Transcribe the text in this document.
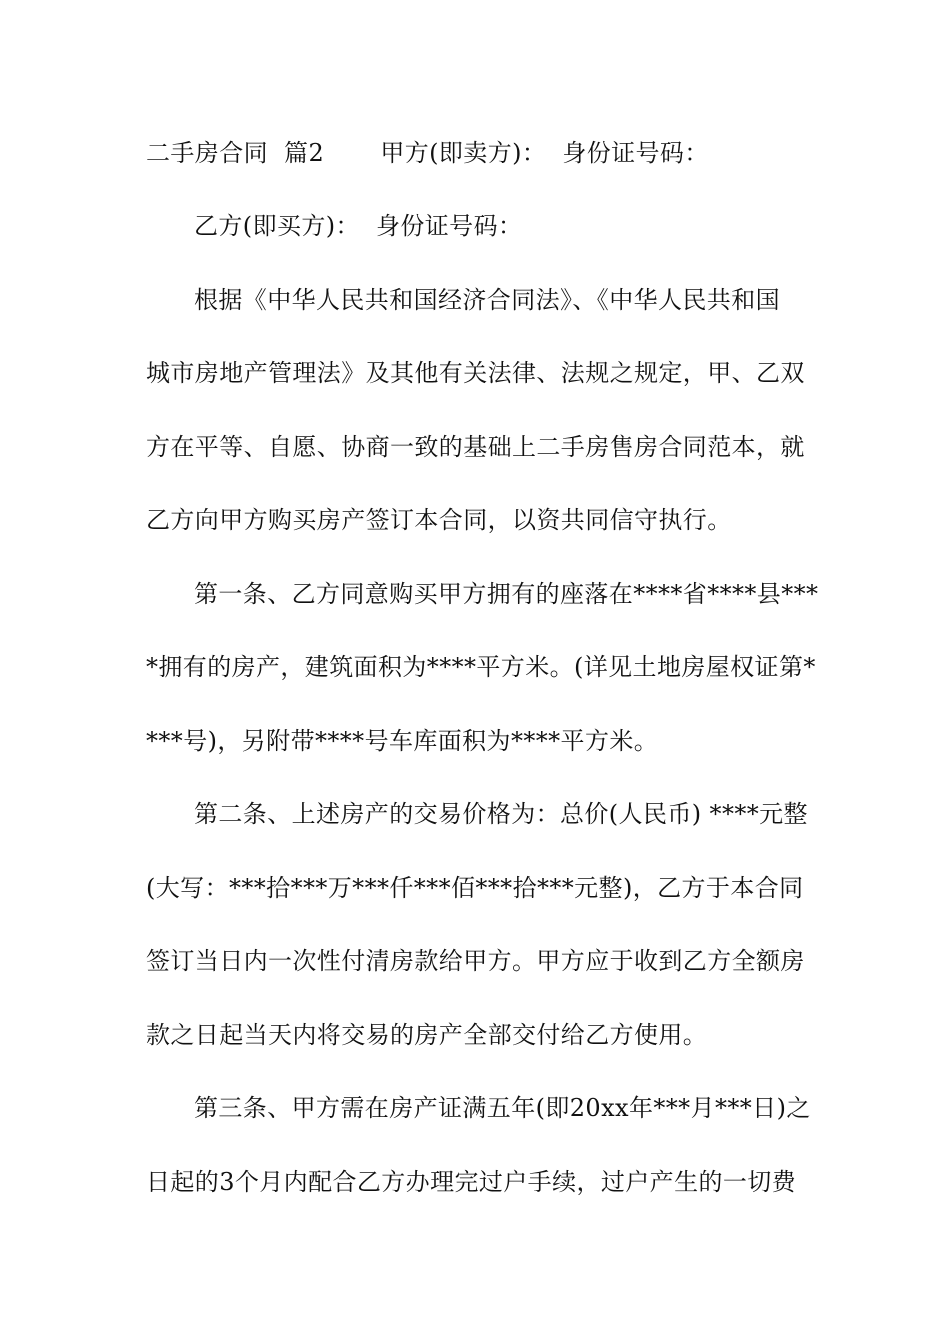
二手房合同  篇2       甲方(即卖方)：  身份证号码：
乙方(即买方)：  身份证号码：
根据《中华人民共和国经济合同法》、《中华人民共和国
城市房地产管理法》及其他有关法律、法规之规定，甲、乙双
方在平等、自愿、协商一致的基础上二手房售房合同范本，就
乙方向甲方购买房产签订本合同，以资共同信守执行。
第一条、乙方同意购买甲方拥有的座落在****省****县***
*拥有的房产，建筑面积为****平方米。(详见土地房屋权证第*
***号)，另附带****号车库面积为****平方米。
第二条、上述房产的交易价格为：总价(人民币) ****元整
(大写：***拾***万***仟***佰***拾***元整)，乙方于本合同
签订当日内一次性付清房款给甲方。甲方应于收到乙方全额房
款之日起当天内将交易的房产全部交付给乙方使用。
第三条、甲方需在房产证满五年(即20xx年***月***日)之
日起的3个月内配合乙方办理完过户手续，过户产生的一切费
